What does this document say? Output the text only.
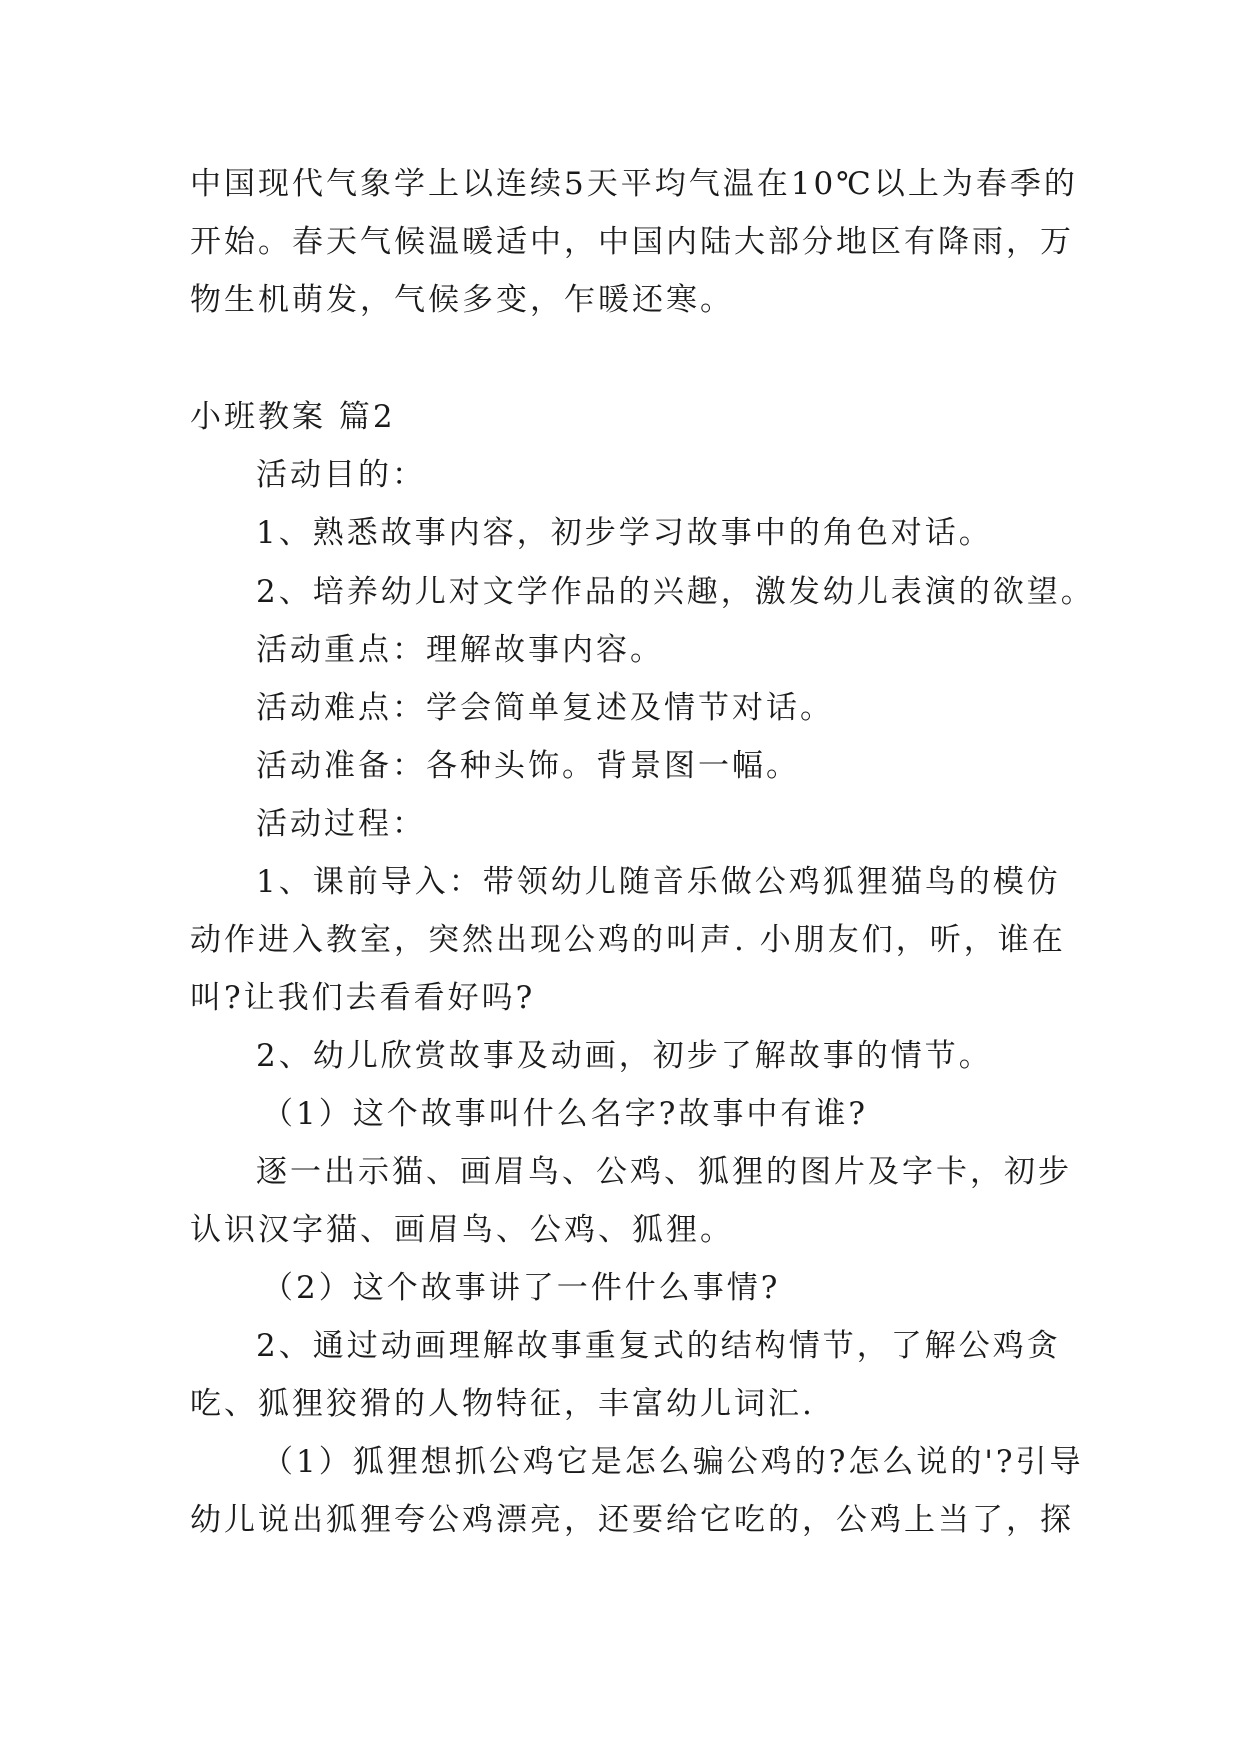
中国现代气象学上以连续5天平均气温在10℃以上为春季的
开始。春天气候温暖适中，中国内陆大部分地区有降雨，万
物生机萌发，气候多变，乍暖还寒。
小班教案 篇2
活动目的：
1、熟悉故事内容，初步学习故事中的角色对话。
2、培养幼儿对文学作品的兴趣，激发幼儿表演的欲望。
活动重点：理解故事内容。
活动难点：学会简单复述及情节对话。
活动准备：各种头饰。背景图一幅。
活动过程：
1、课前导入：带领幼儿随音乐做公鸡狐狸猫鸟的模仿
动作进入教室，突然出现公鸡的叫声. 小朋友们，听，谁在
叫?让我们去看看好吗?
2、幼儿欣赏故事及动画，初步了解故事的情节。
（1）这个故事叫什么名字?故事中有谁?
逐一出示猫、画眉鸟、公鸡、狐狸的图片及字卡，初步
认识汉字猫、画眉鸟、公鸡、狐狸。
（2）这个故事讲了一件什么事情?
2、通过动画理解故事重复式的结构情节，了解公鸡贪
吃、狐狸狡猾的人物特征，丰富幼儿词汇.
（1）狐狸想抓公鸡它是怎么骗公鸡的?怎么说的'?引导
幼儿说出狐狸夸公鸡漂亮，还要给它吃的，公鸡上当了，探
